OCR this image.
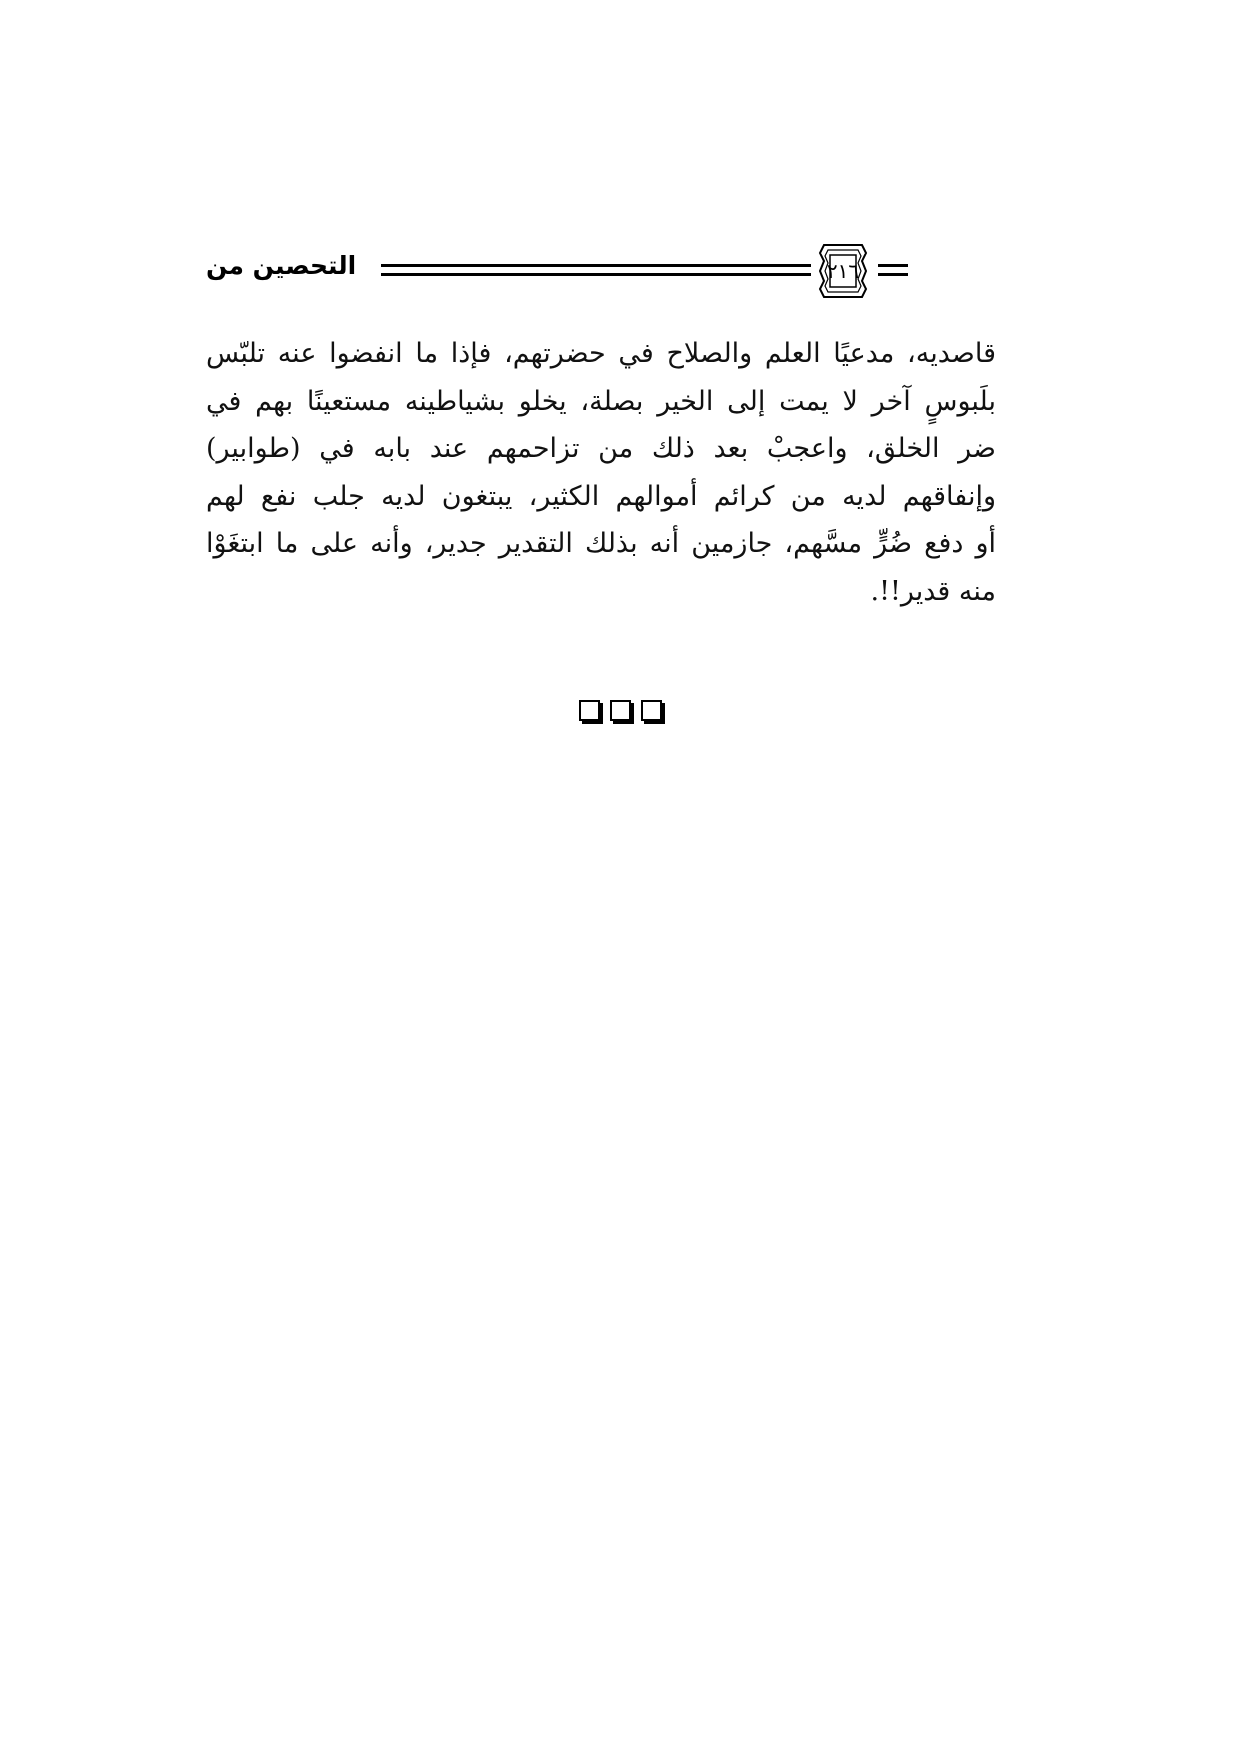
التحصين من	٢١٦
قاصديه، مدعيًا العلم والصلاح في حضرتهم، فإذا ما انفضوا عنه تلبّس
بلَبوسٍ آخر لا يمت إلى الخير بصلة، يخلو بشياطينه مستعينًا بهم في
ضر الخلق، واعجبْ بعد ذلك من تزاحمهم عند بابه في (طوابير)
وإنفاقهم لديه من كرائم أموالهم الكثير، يبتغون لديه جلب نفع لهم
أو دفع ضُرٍّ مسَّهم، جازمين أنه بذلك التقدير جدير، وأنه على ما ابتغَوْا
منه قدير!!.
